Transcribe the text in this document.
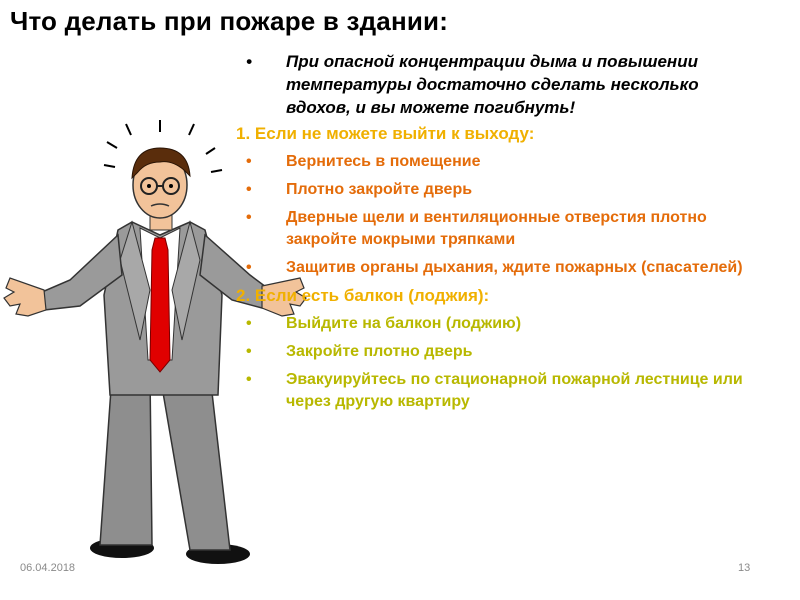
Что делать при пожаре в здании:
• При опасной концентрации дыма и повышении температуры достаточно сделать несколько вдохов, и вы можете погибнуть!
1. Если не можете выйти к выходу:
• Вернитесь в помещение
• Плотно закройте дверь
• Дверные щели и вентиляционные отверстия плотно закройте мокрыми тряпками
• Защитив органы дыхания, ждите пожарных (спасателей)
2. Если есть балкон (лоджия):
• Выйдите на балкон (лоджию)
• Закройте плотно дверь
• Эвакуируйтесь по стационарной пожарной лестнице или через другую квартиру
06.04.2018	13
